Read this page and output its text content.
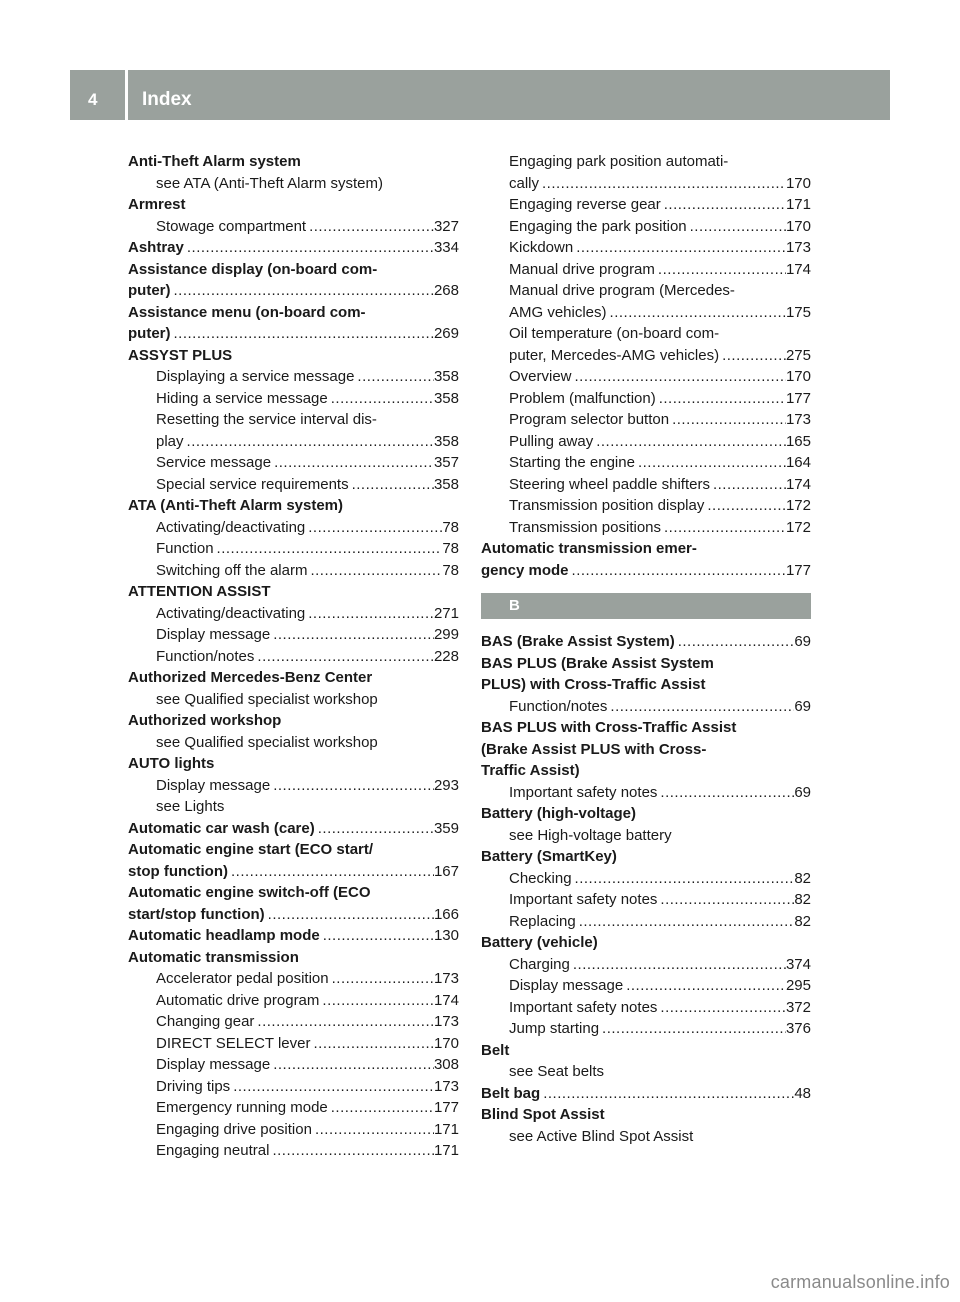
4 Index
Anti-Theft Alarm system
see ATA (Anti-Theft Alarm system)
Armrest
Stowage compartment .....	327
Ashtray .....	334
Assistance display (on-board com-
puter) .....	268
Assistance menu (on-board com-
puter) .....	269
ASSYST PLUS
Displaying a service message .....	358
Hiding a service message .....	358
Resetting the service interval dis-
play .....	358
Service message .....	357
Special service requirements .....	358
ATA (Anti-Theft Alarm system)
Activating/deactivating .....	78
Function .....	78
Switching off the alarm .....	78
ATTENTION ASSIST
Activating/deactivating .....	271
Display message .....	299
Function/notes .....	228
Authorized Mercedes-Benz Center
see Qualified specialist workshop
Authorized workshop
see Qualified specialist workshop
AUTO lights
Display message .....	293
see Lights
Automatic car wash (care) .....	359
Automatic engine start (ECO start/
stop function) .....	167
Automatic engine switch-off (ECO
start/stop function) .....	166
Automatic headlamp mode .....	130
Automatic transmission
Accelerator pedal position .....	173
Automatic drive program .....	174
Changing gear .....	173
DIRECT SELECT lever .....	170
Display message .....	308
Driving tips .....	173
Emergency running mode .....	177
Engaging drive position .....	171
Engaging neutral .....	171
Engaging park position automati-
cally .....	170
Engaging reverse gear .....	171
Engaging the park position .....	170
Kickdown .....	173
Manual drive program .....	174
Manual drive program (Mercedes-
AMG vehicles) .....	175
Oil temperature (on-board com-
puter, Mercedes-AMG vehicles) .....	275
Overview .....	170
Problem (malfunction) .....	177
Program selector button .....	173
Pulling away .....	165
Starting the engine .....	164
Steering wheel paddle shifters .....	174
Transmission position display .....	172
Transmission positions .....	172
Automatic transmission emer-
gency mode .....	177
B
BAS (Brake Assist System) .....	69
BAS PLUS (Brake Assist System
PLUS) with Cross-Traffic Assist
Function/notes .....	69
BAS PLUS with Cross-Traffic Assist
(Brake Assist PLUS with Cross-
Traffic Assist)
Important safety notes .....	69
Battery (high-voltage)
see High-voltage battery
Battery (SmartKey)
Checking .....	82
Important safety notes .....	82
Replacing .....	82
Battery (vehicle)
Charging .....	374
Display message .....	295
Important safety notes .....	372
Jump starting .....	376
Belt
see Seat belts
Belt bag .....	48
Blind Spot Assist
see Active Blind Spot Assist
carmanualsonline.info
